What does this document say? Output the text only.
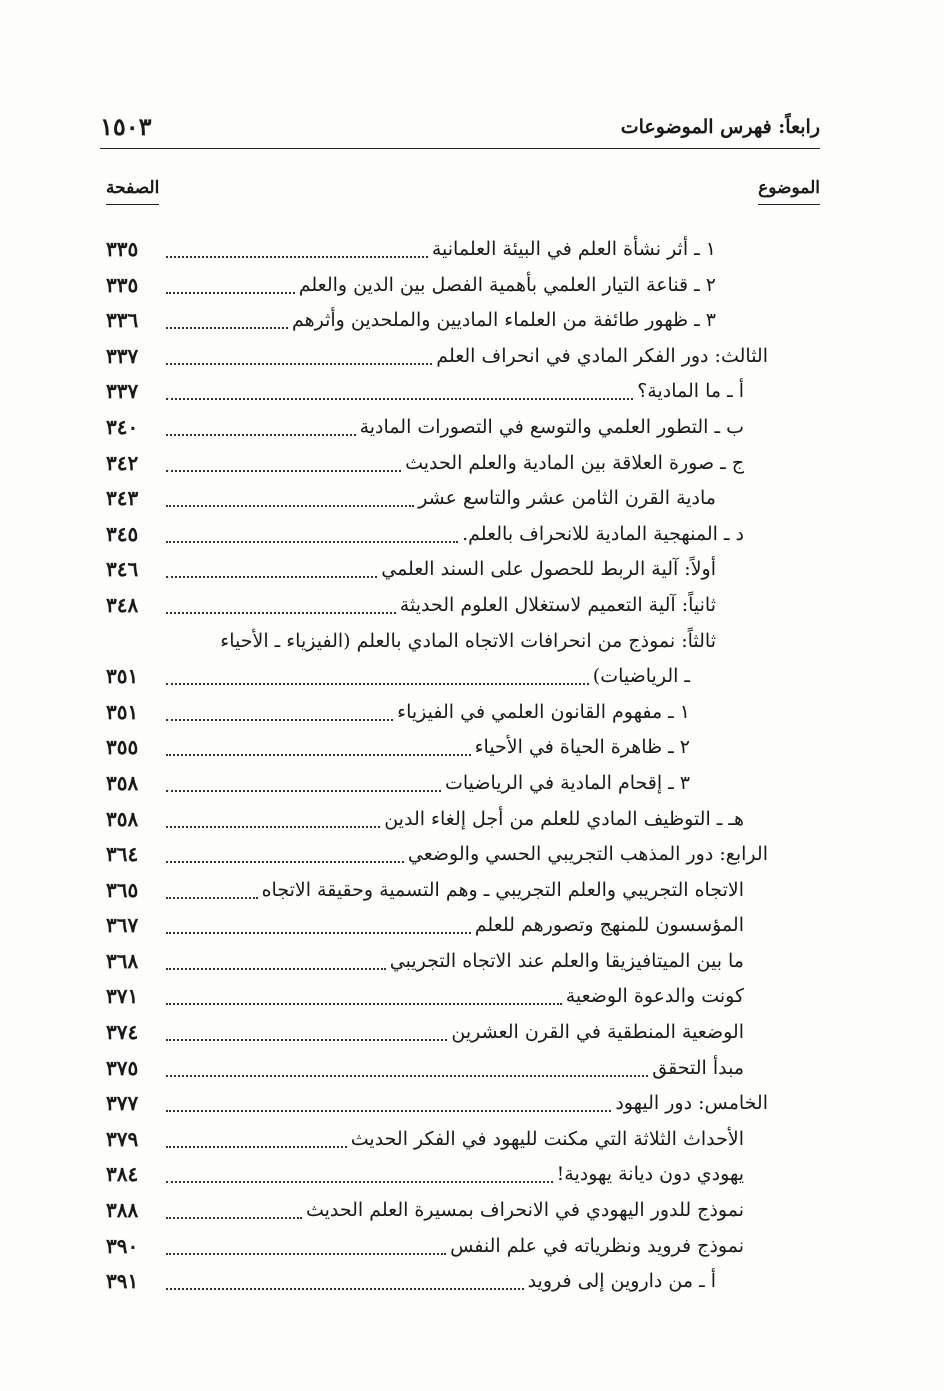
رابعاً: فهرس الموضوعات
١٥٠٣
الموضوع
الصفحة
١ ـ أثر نشأة العلم في البيئة العلمانية
٣٣٥
٢ ـ قناعة التيار العلمي بأهمية الفصل بين الدين والعلم
٣٣٥
٣ ـ ظهور طائفة من العلماء الماديين والملحدين وأثرهم
٣٣٦
الثالث: دور الفكر المادي في انحراف العلم
٣٣٧
أ ـ ما المادية؟
٣٣٧
ب ـ التطور العلمي والتوسع في التصورات المادية
٣٤٠
ج ـ صورة العلاقة بين المادية والعلم الحديث
٣٤٢
مادية القرن الثامن عشر والتاسع عشر
٣٤٣
د ـ المنهجية المادية للانحراف بالعلم.
٣٤٥
أولاً: آلية الربط للحصول على السند العلمي
٣٤٦
ثانياً: آلية التعميم لاستغلال العلوم الحديثة
٣٤٨
ثالثاً: نموذج من انحرافات الاتجاه المادي بالعلم (الفيزياء ـ الأحياء
ـ الرياضيات)
٣٥١
١ ـ مفهوم القانون العلمي في الفيزياء
٣٥١
٢ ـ ظاهرة الحياة في الأحياء
٣٥٥
٣ ـ إقحام المادية في الرياضيات
٣٥٨
هـ ـ التوظيف المادي للعلم من أجل إلغاء الدين
٣٥٨
الرابع: دور المذهب التجريبي الحسي والوضعي
٣٦٤
الاتجاه التجريبي والعلم التجريبي ـ وهم التسمية وحقيقة الاتجاه
٣٦٥
المؤسسون للمنهج وتصورهم للعلم
٣٦٧
ما بين الميتافيزيقا والعلم عند الاتجاه التجريبي
٣٦٨
كونت والدعوة الوضعية
٣٧١
الوضعية المنطقية في القرن العشرين
٣٧٤
مبدأ التحقق
٣٧٥
الخامس: دور اليهود
٣٧٧
الأحداث الثلاثة التي مكنت لليهود في الفكر الحديث
٣٧٩
يهودي دون ديانة يهودية!
٣٨٤
نموذج للدور اليهودي في الانحراف بمسيرة العلم الحديث
٣٨٨
نموذج فرويد ونظرياته في علم النفس
٣٩٠
أ ـ من داروين إلى فرويد
٣٩١
